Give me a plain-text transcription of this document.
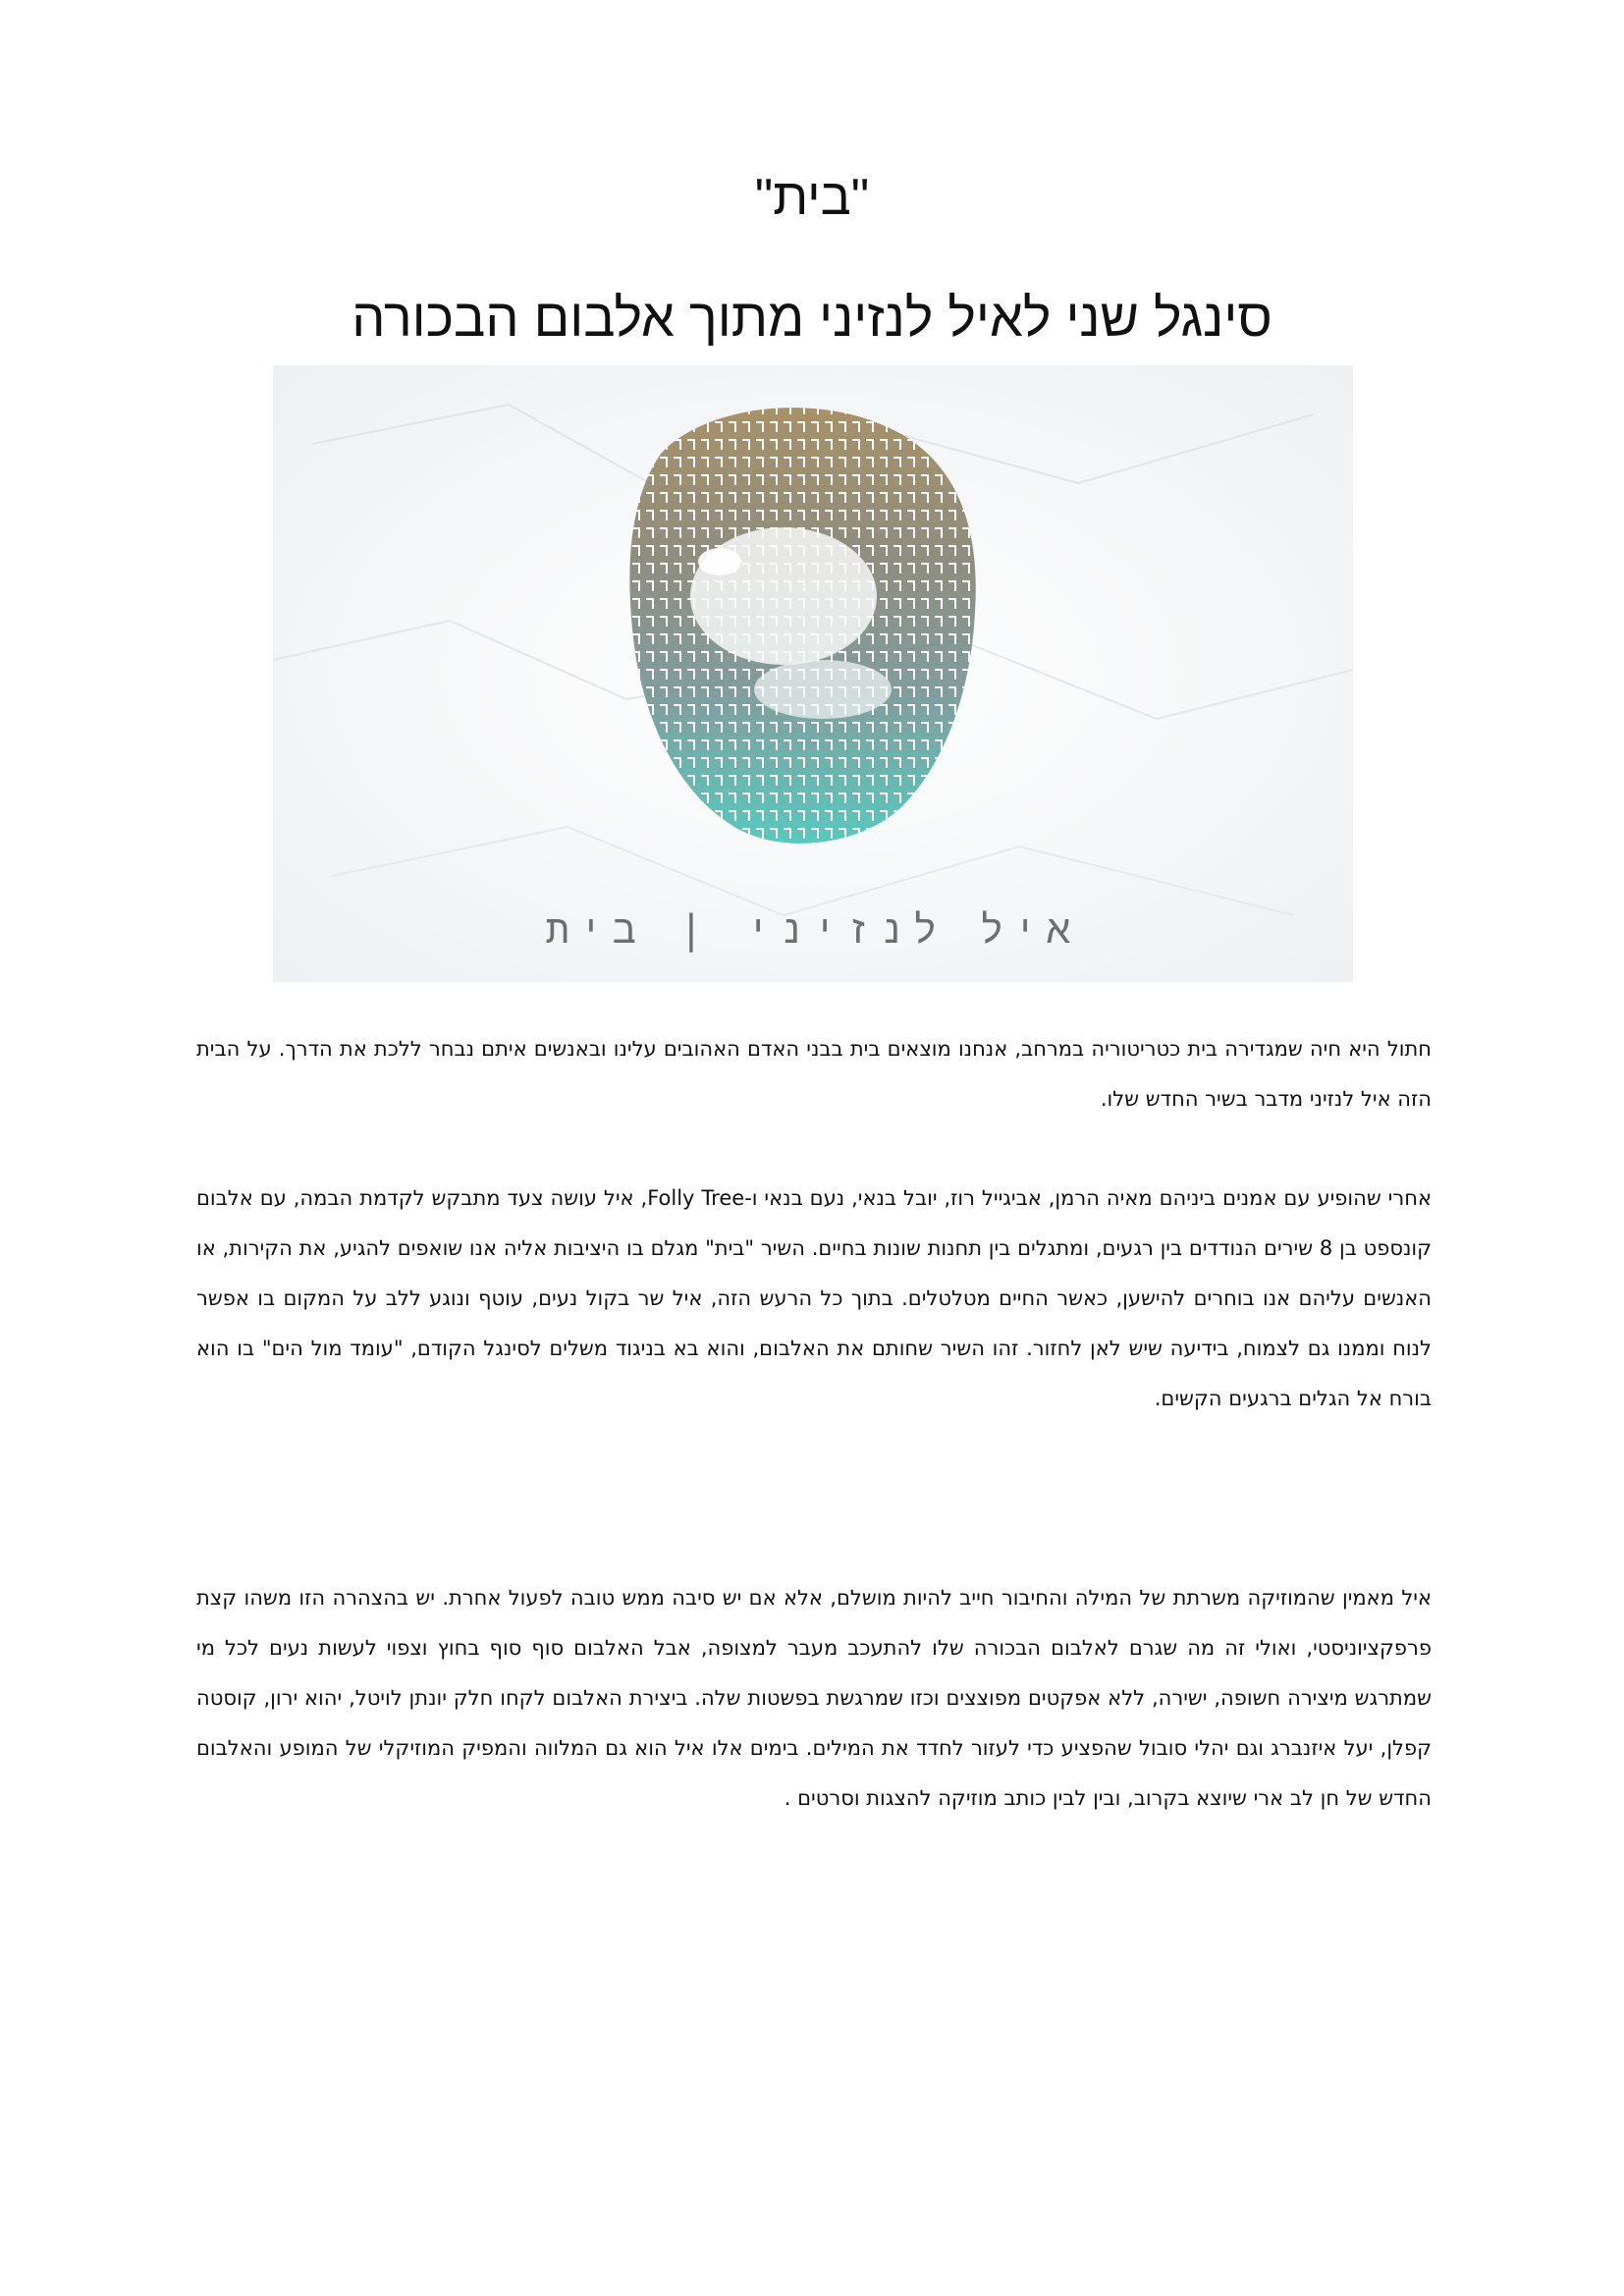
"בית"
סינגל שני לאיל לנזיני מתוך אלבום הבכורה
איל לנזיני | בית

חתול היא חיה שמגדירה בית כטריטוריה במרחב, אנחנו מוצאים בית בבני האדם האהובים עלינו ובאנשים איתם נבחר ללכת את הדרך. על הבית הזה איל לנזיני מדבר בשיר החדש שלו.

אחרי שהופיע עם אמנים ביניהם מאיה הרמן, אביגייל רוז, יובל בנאי, נעם בנאי ו-Folly Tree, איל עושה צעד מתבקש לקדמת הבמה, עם אלבום קונספט בן 8 שירים הנודדים בין רגעים, ומתגלים בין תחנות שונות בחיים. השיר "בית" מגלם בו היציבות אליה אנו שואפים להגיע, את הקירות, או האנשים עליהם אנו בוחרים להישען, כאשר החיים מטלטלים. בתוך כל הרעש הזה, איל שר בקול נעים, עוטף ונוגע ללב על המקום בו אפשר לנוח וממנו גם לצמוח, בידיעה שיש לאן לחזור. זהו השיר שחותם את האלבום, והוא בא בניגוד משלים לסינגל הקודם, "עומד מול הים" בו הוא בורח אל הגלים ברגעים הקשים.

איל מאמין שהמוזיקה משרתת של המילה והחיבור חייב להיות מושלם, אלא אם יש סיבה ממש טובה לפעול אחרת. יש בהצהרה הזו משהו קצת פרפקציוניסטי, ואולי זה מה שגרם לאלבום הבכורה שלו להתעכב מעבר למצופה, אבל האלבום סוף סוף בחוץ וצפוי לעשות נעים לכל מי שמתרגש מיצירה חשופה, ישירה, ללא אפקטים מפוצצים וכזו שמרגשת בפשטות שלה. ביצירת האלבום לקחו חלק יונתן לויטל, יהוא ירון, קוסטה קפלן, יעל איזנברג וגם יהלי סובול שהפציע כדי לעזור לחדד את המילים. בימים אלו איל הוא גם המלווה והמפיק המוזיקלי של המופע והאלבום החדש של חן לב ארי שיוצא בקרוב, ובין לבין כותב מוזיקה להצגות וסרטים .
